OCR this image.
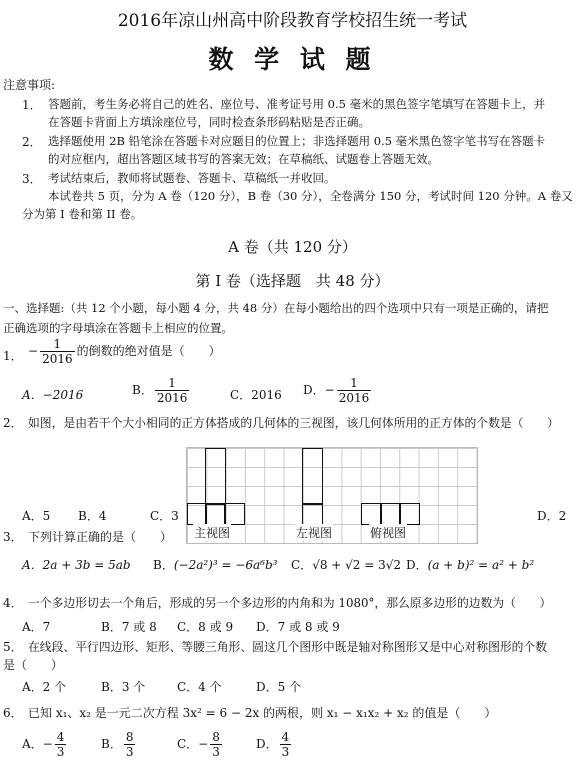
2016年凉山州高中阶段教育学校招生统一考试
数 学 试 题
注意事项:
1． 答题前，考生务必将自己的姓名、座位号、准考证号用 0.5 毫米的黑色签字笔填写在答题卡上，并
在答题卡背面上方填涂座位号，同时检查条形码粘贴是否正确。
2． 选择题使用 2B 铅笔涂在答题卡对应题目的位置上；非选择题用 0.5 毫米黑色签字笔书写在答题卡
的对应框内，超出答题区域书写的答案无效；在草稿纸、试题卷上答题无效。
3． 考试结束后，教师将试题卷、答题卡、草稿纸一并收回。
本试卷共 5 页，分为 A 卷（120 分），B 卷（30 分），全卷满分 150 分，考试时间 120 分钟。A 卷又
分为第 I 卷和第 II 卷。
A 卷（共 120 分）
第 I 卷（选择题　共 48 分）
一、选择题:（共 12 个小题，每小题 4 分，共 48 分）在每小题给出的四个选项中只有一项是正确的，请把
正确选项的字母填涂在答题卡上相应的位置。
1． − $\frac{1}{2016}$ 的倒数的绝对值是（　　）
A．−2016	B． $\frac{1}{2016}$	C．2016 D．− $\frac{1}{2016}$
2． 如图，是由若干个大小相同的正方体搭成的几何体的三视图，该几何体所用的正方体的个数是（　　）
主视图	左视图	俯视图
A．5 B．4	C．3	D．2
3． 下列计算正确的是（　　）
A．2a + 3b = 5ab B．(−2a²)³ = −6a⁶b³ C．√8 + √2 = 3√2 D．(a + b)² = a² + b²
4． 一个多边形切去一个角后，形成的另一个多边形的内角和为 1080°，那么原多边形的边数为（　　）
A．7	B．7 或 8 C．8 或 9 D．7 或 8 或 9
5． 在线段、平行四边形、矩形、等腰三角形、圆这几个图形中既是轴对称图形又是中心对称图形的个数
是（　　）
A．2 个	B．3 个	C．4 个	D．5 个
6． 已知 x₁、x₂ 是一元二次方程 3x² = 6 − 2x 的两根，则 x₁ − x₁x₂ + x₂ 的值是（　　）
A．− $\frac{4}{3}$	B． $\frac{8}{3}$	C．− $\frac{8}{3}$	D． $\frac{4}{3}$
